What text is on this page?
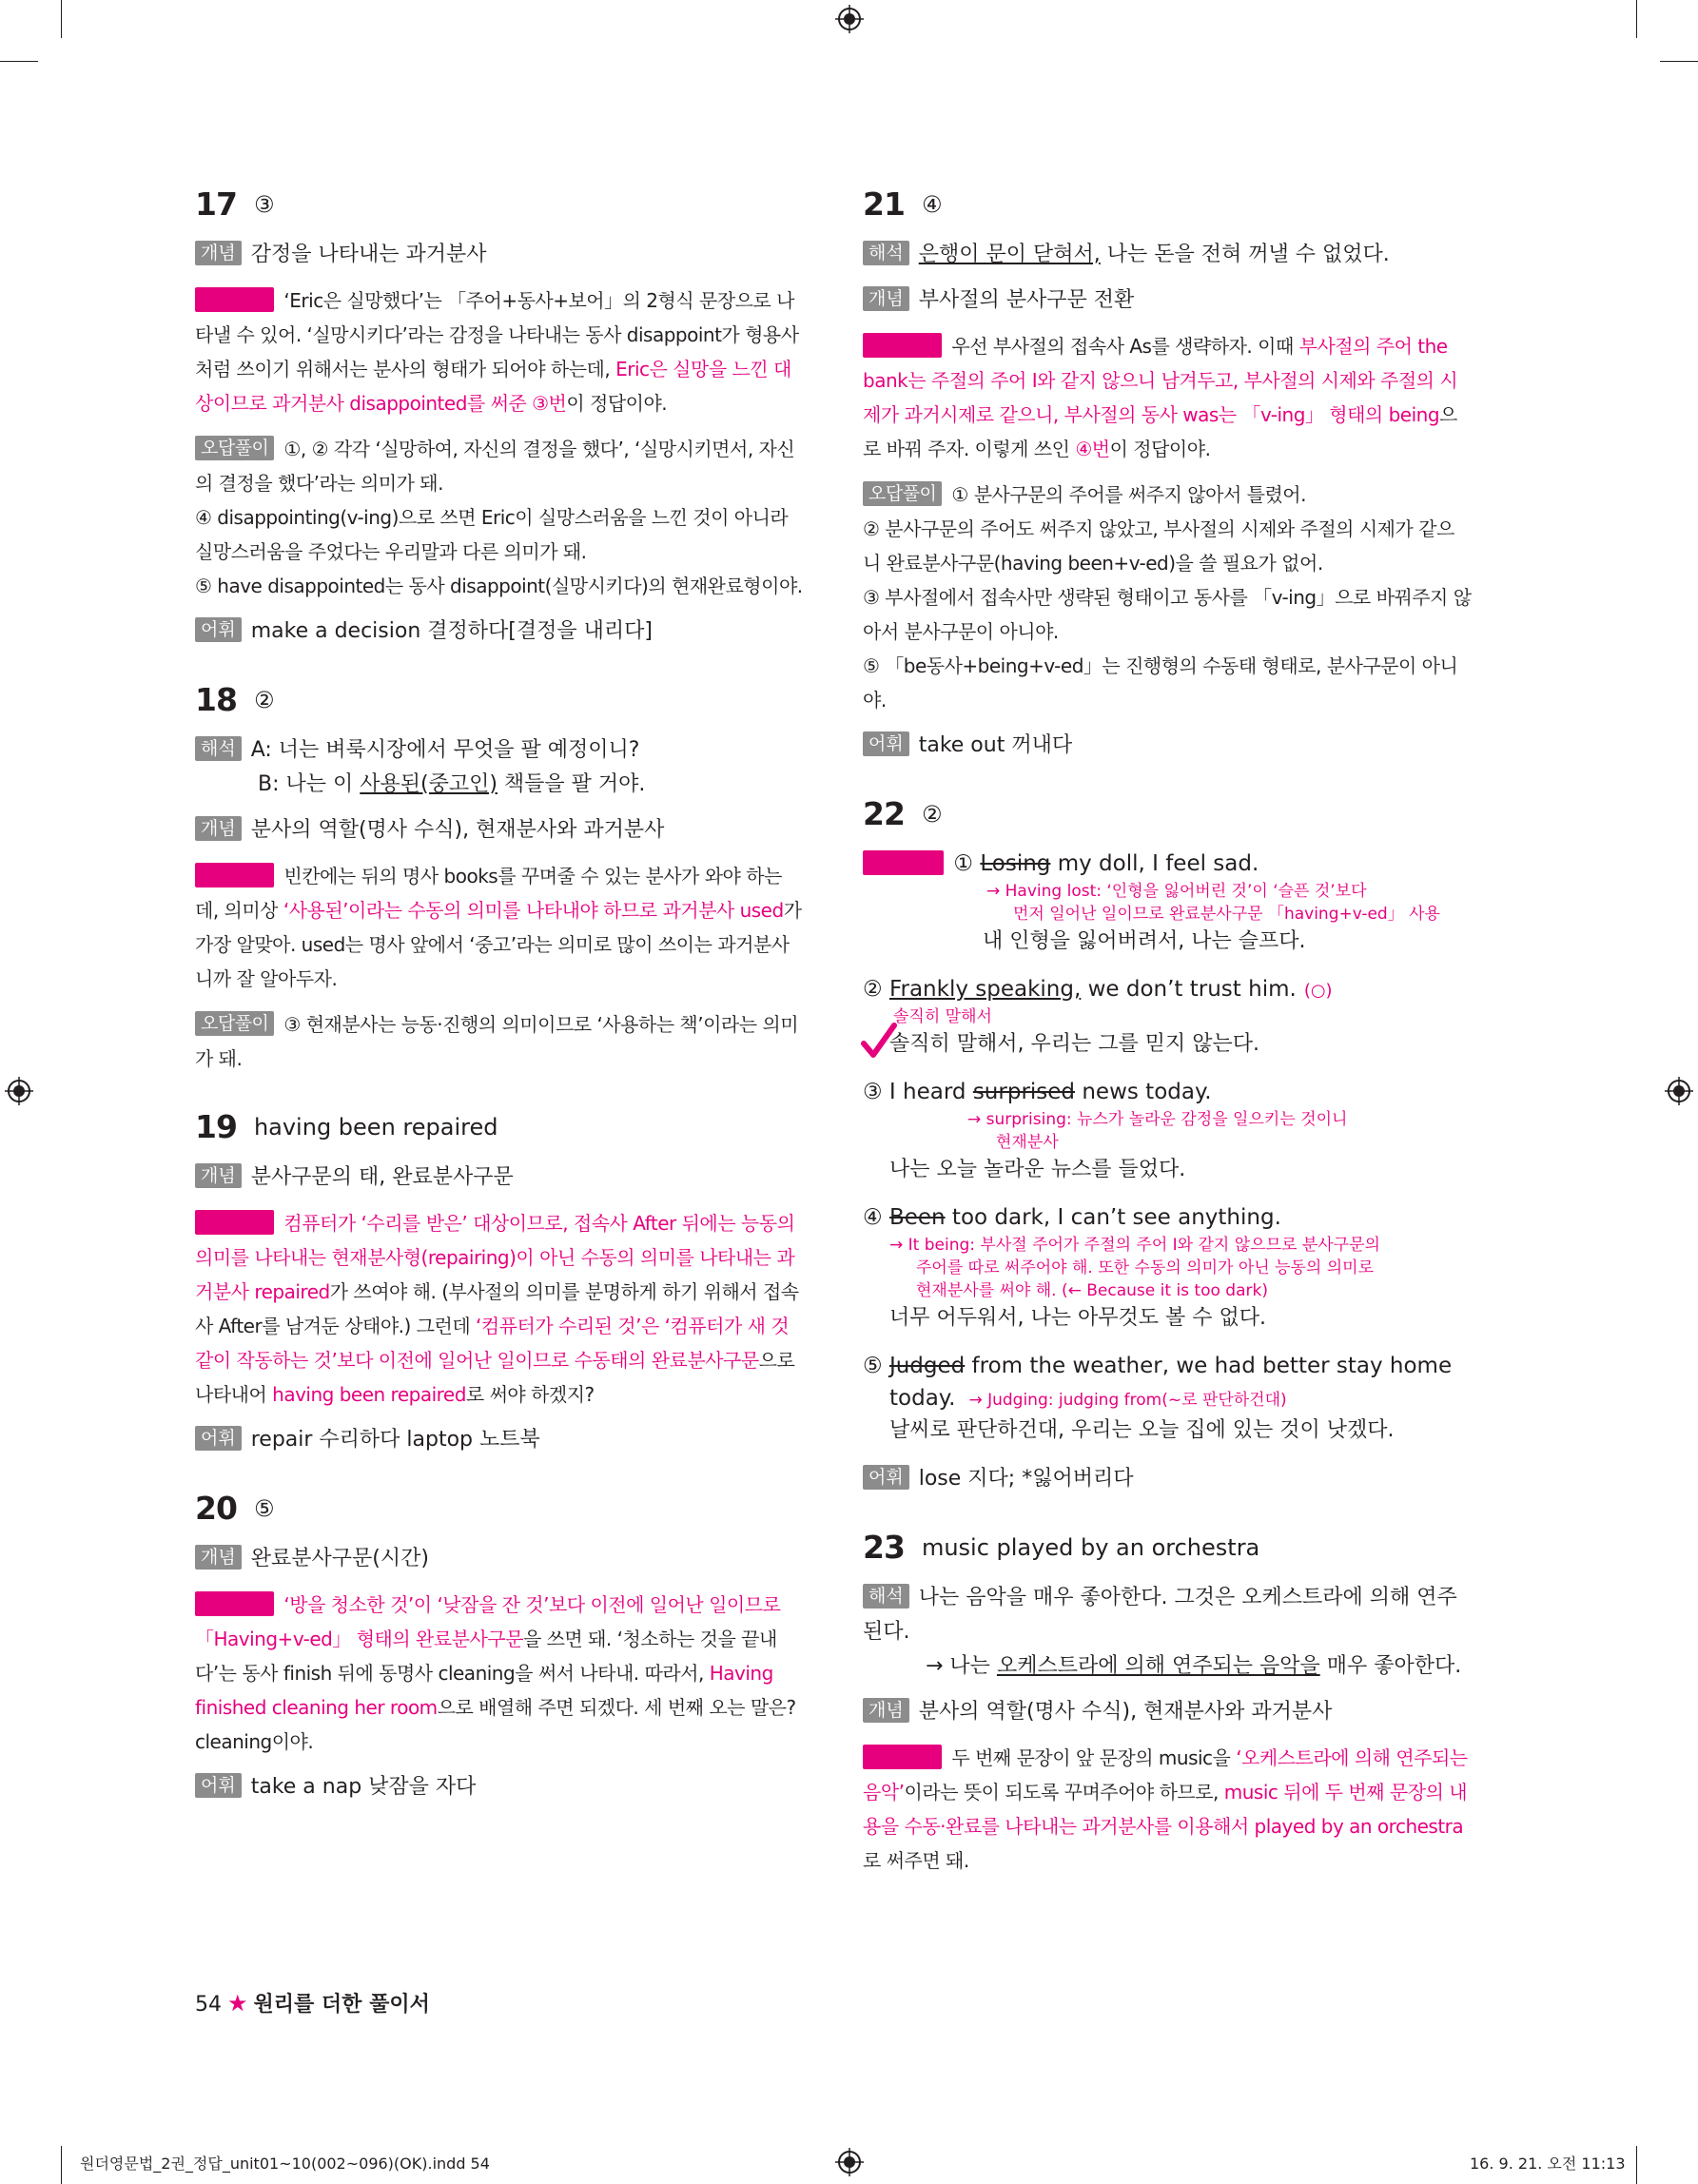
17 ③
개념 감정을 나타내는 과거분사
정답풀이 ‘Eric은 실망했다’는 「주어+동사+보어」의 2형식 문장으로 나타낼 수 있어. ‘실망시키다’라는 감정을 나타내는 동사 disappoint가 형용사처럼 쓰이기 위해서는 분사의 형태가 되어야 하는데, Eric은 실망을 느낀 대상이므로 과거분사 disappointed를 써준 ③번이 정답이야.
오답풀이 ①, ② 각각 ‘실망하여, 자신의 결정을 했다’, ‘실망시키면서, 자신의 결정을 했다’라는 의미가 돼.
④ disappointing(v-ing)으로 쓰면 Eric이 실망스러움을 느낀 것이 아니라 실망스러움을 주었다는 우리말과 다른 의미가 돼.
⑤ have disappointed는 동사 disappoint(실망시키다)의 현재완료형이야.
어휘 make a decision 결정하다[결정을 내리다]
18 ②
해석 A: 너는 벼룩시장에서 무엇을 팔 예정이니?
B: 나는 이 사용된(중고인) 책들을 팔 거야.
개념 분사의 역할(명사 수식), 현재분사와 과거분사
정답풀이 빈칸에는 뒤의 명사 books를 꾸며줄 수 있는 분사가 와야 하는데, 의미상 ‘사용된’이라는 수동의 의미를 나타내야 하므로 과거분사 used가 가장 알맞아. used는 명사 앞에서 ‘중고’라는 의미로 많이 쓰이는 과거분사니까 잘 알아두자.
오답풀이 ③ 현재분사는 능동·진행의 의미이므로 ‘사용하는 책’이라는 의미가 돼.
19 having been repaired
개념 분사구문의 태, 완료분사구문
정답풀이 컴퓨터가 ‘수리를 받은’ 대상이므로, 접속사 After 뒤에는 능동의 의미를 나타내는 현재분사형(repairing)이 아닌 수동의 의미를 나타내는 과거분사 repaired가 쓰여야 해. (부사절의 의미를 분명하게 하기 위해서 접속사 After를 남겨둔 상태야.) 그런데 ‘컴퓨터가 수리된 것’은 ‘컴퓨터가 새 것 같이 작동하는 것’보다 이전에 일어난 일이므로 수동태의 완료분사구문으로 나타내어 having been repaired로 써야 하겠지?
어휘 repair 수리하다 laptop 노트북
20 ⑤
개념 완료분사구문(시간)
정답풀이 ‘방을 청소한 것’이 ‘낮잠을 잔 것’보다 이전에 일어난 일이므로 「Having+v-ed」 형태의 완료분사구문을 쓰면 돼. ‘청소하는 것을 끝내다’는 동사 finish 뒤에 동명사 cleaning을 써서 나타내. 따라서, Having finished cleaning her room으로 배열해 주면 되겠다. 세 번째 오는 말은? cleaning이야.
어휘 take a nap 낮잠을 자다
21 ④
해석 은행이 문이 닫혀서, 나는 돈을 전혀 꺼낼 수 없었다.
개념 부사절의 분사구문 전환
정답풀이 우선 부사절의 접속사 As를 생략하자. 이때 부사절의 주어 the bank는 주절의 주어 I와 같지 않으니 남겨두고, 부사절의 시제와 주절의 시제가 과거시제로 같으니, 부사절의 동사 was는 「v-ing」 형태의 being으로 바꿔 주자. 이렇게 쓰인 ④번이 정답이야.
오답풀이 ① 분사구문의 주어를 써주지 않아서 틀렸어.
② 분사구문의 주어도 써주지 않았고, 부사절의 시제와 주절의 시제가 같으니 완료분사구문(having been+v-ed)을 쓸 필요가 없어.
③ 부사절에서 접속사만 생략된 형태이고 동사를 「v-ing」으로 바꿔주지 않아서 분사구문이 아니야.
⑤ 「be동사+being+v-ed」는 진행형의 수동태 형태로, 분사구문이 아니야.
어휘 take out 꺼내다
22 ②
정답풀이 ① Losing my doll, I feel sad.
→ Having lost: ‘인형을 잃어버린 것’이 ‘슬픈 것’보다
먼저 일어난 일이므로 완료분사구문 「having+v-ed」 사용
내 인형을 잃어버려서, 나는 슬프다.
② Frankly speaking, we don’t trust him. (○)
솔직히 말해서
솔직히 말해서, 우리는 그를 믿지 않는다.
③ I heard surprised news today.
→ surprising: 뉴스가 놀라운 감정을 일으키는 것이니
현재분사
나는 오늘 놀라운 뉴스를 들었다.
④ Been too dark, I can’t see anything.
→ It being: 부사절 주어가 주절의 주어 I와 같지 않으므로 분사구문의
주어를 따로 써주어야 해. 또한 수동의 의미가 아닌 능동의 의미로
현재분사를 써야 해. (← Because it is too dark)
너무 어두워서, 나는 아무것도 볼 수 없다.
⑤ Judged from the weather, we had better stay home
today. → Judging: judging from(~로 판단하건대)
날씨로 판단하건대, 우리는 오늘 집에 있는 것이 낫겠다.
어휘 lose 지다; *잃어버리다
23 music played by an orchestra
해석 나는 음악을 매우 좋아한다. 그것은 오케스트라에 의해 연주된다.
→ 나는 오케스트라에 의해 연주되는 음악을 매우 좋아한다.
개념 분사의 역할(명사 수식), 현재분사와 과거분사
정답풀이 두 번째 문장이 앞 문장의 music을 ‘오케스트라에 의해 연주되는 음악’이라는 뜻이 되도록 꾸며주어야 하므로, music 뒤에 두 번째 문장의 내용을 수동·완료를 나타내는 과거분사를 이용해서 played by an orchestra로 써주면 돼.
54 ★ 원리를 더한 풀이서
원더영문법_2권_정답_unit01~10(002~096)(OK).indd 54	16. 9. 21. 오전 11:13
